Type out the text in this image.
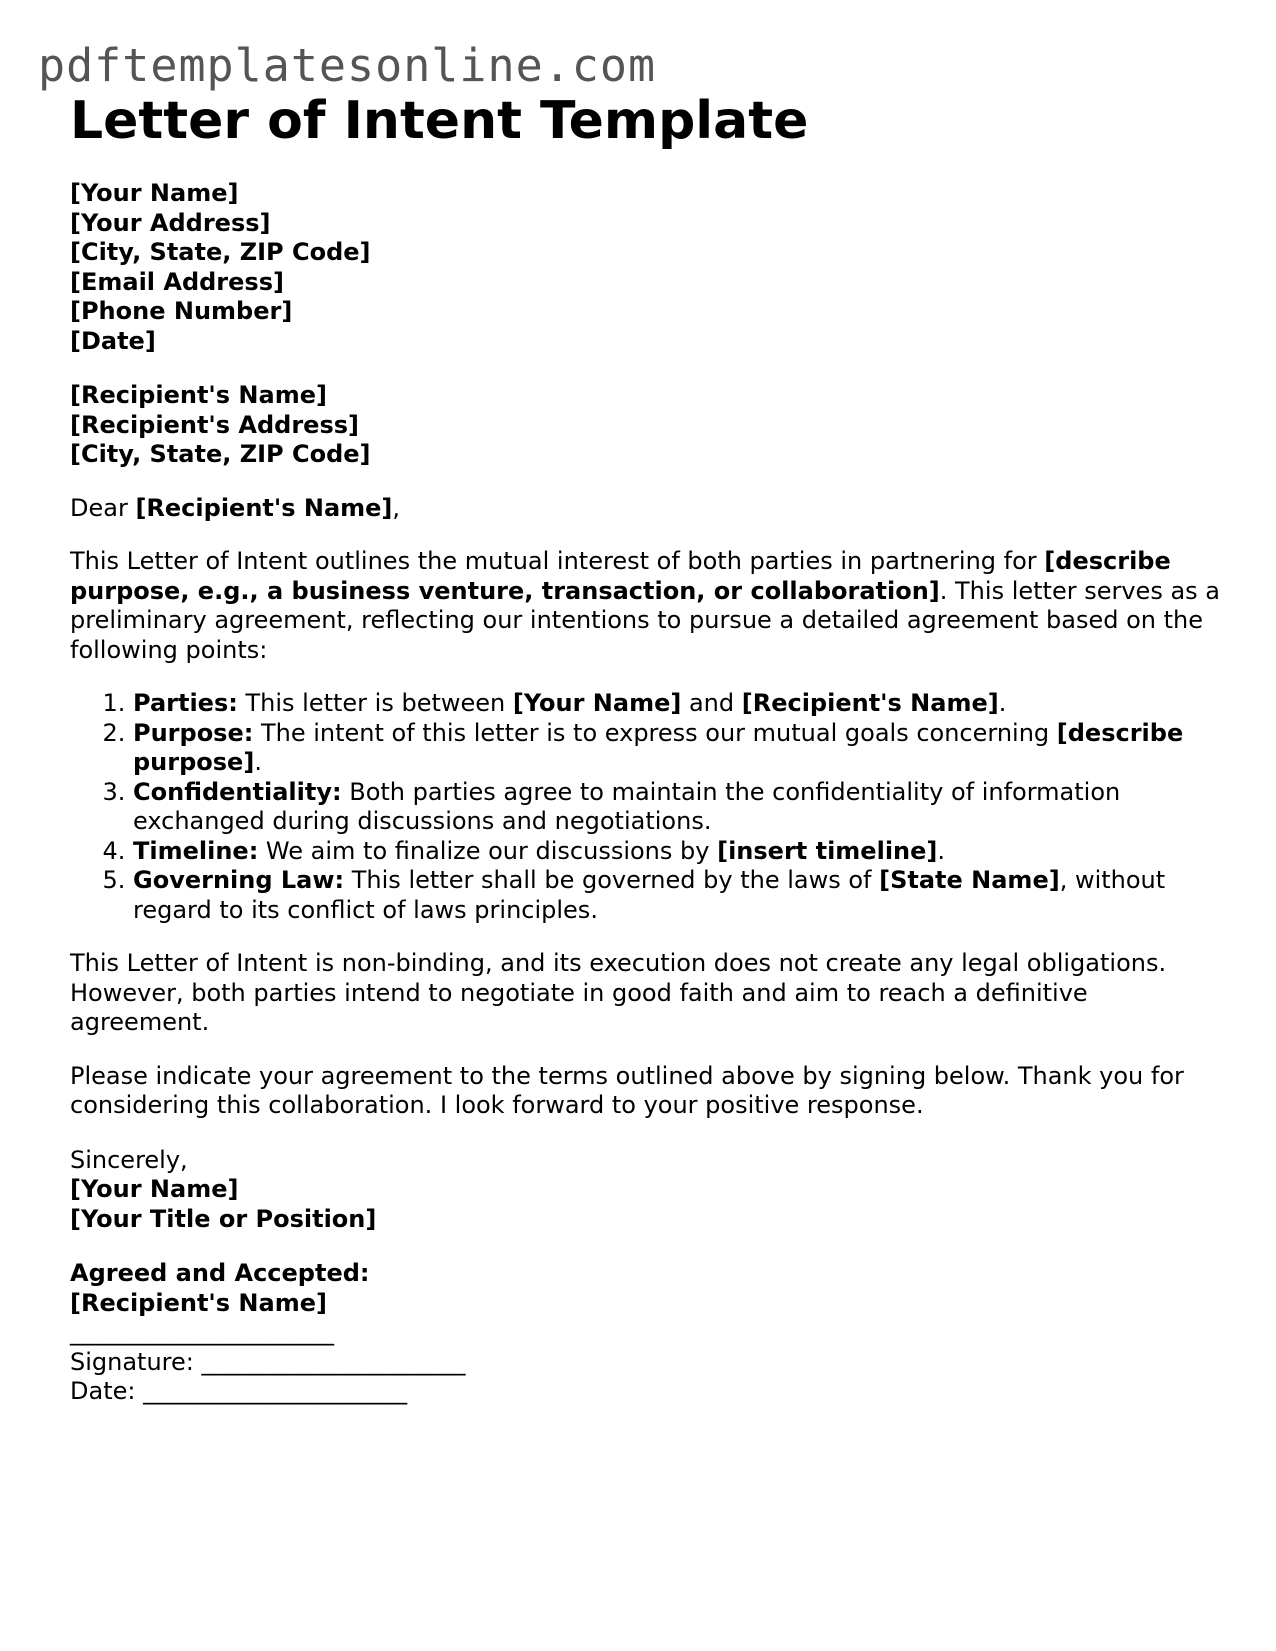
pdftemplatesonline.com

Letter of Intent Template
[Your Name]
[Your Address]
[City, State, ZIP Code]
[Email Address]
[Phone Number]
[Date]
[Recipient's Name]
[Recipient's Address]
[City, State, ZIP Code]

Dear [Recipient's Name],

This Letter of Intent outlines the mutual interest of both parties in partnering for [describe purpose, e.g., a business venture, transaction, or collaboration]. This letter serves as a preliminary agreement, reflecting our intentions to pursue a detailed agreement based on the following points:

1. Parties: This letter is between [Your Name] and [Recipient's Name].
2. Purpose: The intent of this letter is to express our mutual goals concerning [describe purpose].
3. Confidentiality: Both parties agree to maintain the confidentiality of information exchanged during discussions and negotiations.
4. Timeline: We aim to finalize our discussions by [insert timeline].
5. Governing Law: This letter shall be governed by the laws of [State Name], without regard to its conflict of laws principles.

This Letter of Intent is non-binding, and its execution does not create any legal obligations. However, both parties intend to negotiate in good faith and aim to reach a definitive agreement.

Please indicate your agreement to the terms outlined above by signing below. Thank you for considering this collaboration. I look forward to your positive response.

Sincerely,
[Your Name]
[Your Title or Position]
Agreed and Accepted:
[Recipient's Name]
______________________
Signature: ______________________
Date: ______________________
